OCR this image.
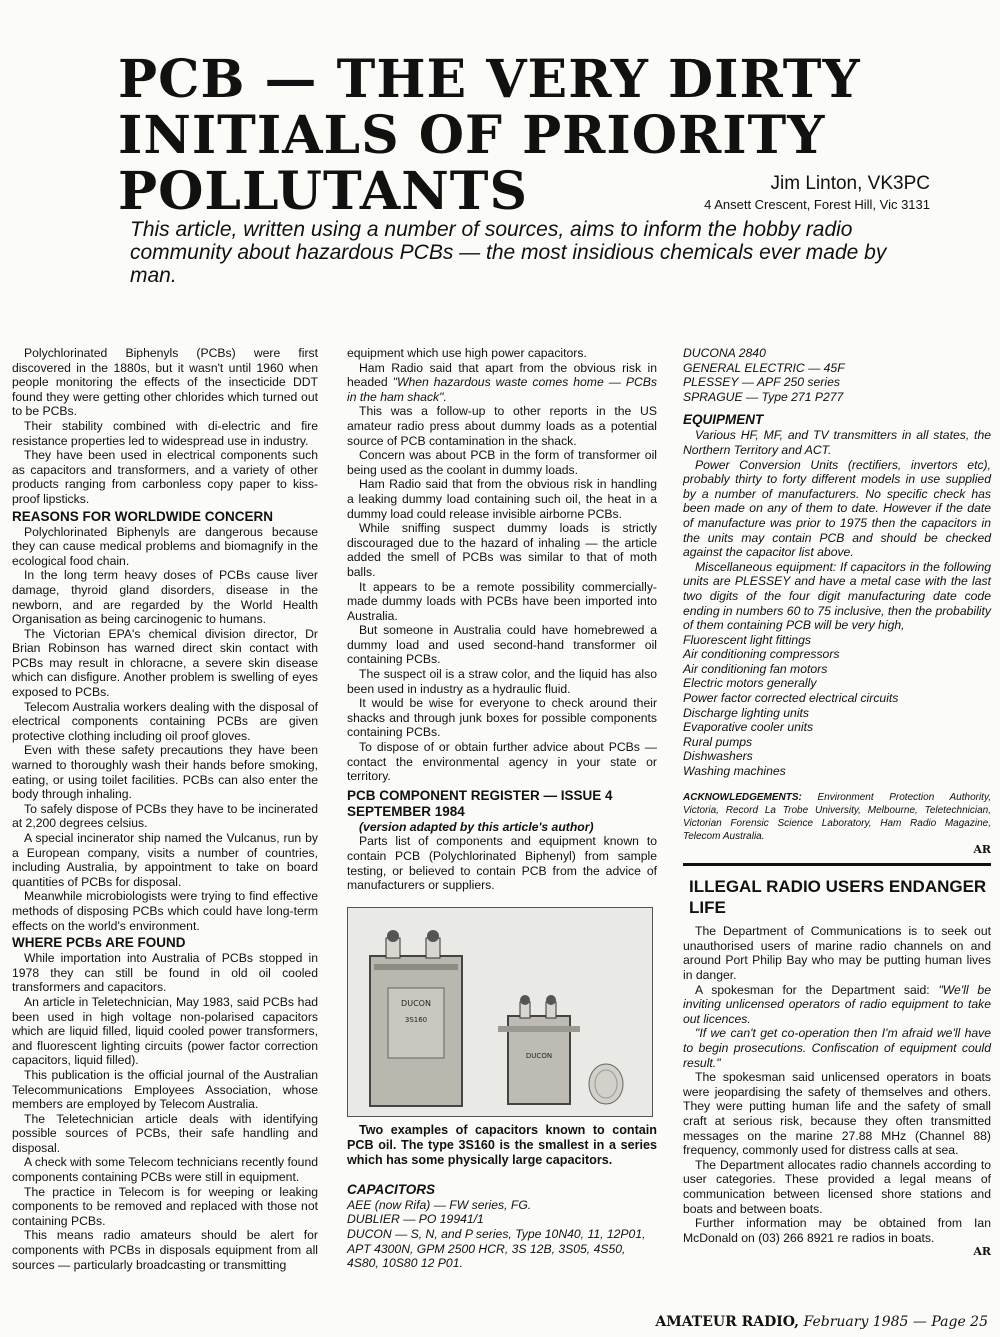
PCB — THE VERY DIRTY
INITIALS OF PRIORITY
POLLUTANTS	Jim Linton, VK3PC
4 Ansett Crescent, Forest Hill, Vic 3131

This article, written using a number of sources, aims to inform the hobby radio community about hazardous PCBs — the most insidious chemicals ever made by man.

Polychlorinated Biphenyls (PCBs) were first discovered in the 1880s, but it wasn't until 1960 when people monitoring the effects of the insecticide DDT found they were getting other chlorides which turned out to be PCBs.

Their stability combined with di-electric and fire resistance properties led to widespread use in industry.

They have been used in electrical components such as capacitors and transformers, and a variety of other products ranging from carbonless copy paper to kiss-proof lipsticks.

REASONS FOR WORLDWIDE CONCERN

Polychlorinated Biphenyls are dangerous because they can cause medical problems and biomagnify in the ecological food chain.

In the long term heavy doses of PCBs cause liver damage, thyroid gland disorders, disease in the newborn, and are regarded by the World Health Organisation as being carcinogenic to humans.

The Victorian EPA's chemical division director, Dr Brian Robinson has warned direct skin contact with PCBs may result in chloracne, a severe skin disease which can disfigure. Another problem is swelling of eyes exposed to PCBs.

Telecom Australia workers dealing with the disposal of electrical components containing PCBs are given protective clothing including oil proof gloves.

Even with these safety precautions they have been warned to thoroughly wash their hands before smoking, eating, or using toilet facilities. PCBs can also enter the body through inhaling.

To safely dispose of PCBs they have to be incinerated at 2,200 degrees celsius.

A special incinerator ship named the Vulcanus, run by a European company, visits a number of countries, including Australia, by appointment to take on board quantities of PCBs for disposal.

Meanwhile microbiologists were trying to find effective methods of disposing PCBs which could have long-term effects on the world's environment.

WHERE PCBs ARE FOUND

While importation into Australia of PCBs stopped in 1978 they can still be found in old oil cooled transformers and capacitors.

An article in Teletechnician, May 1983, said PCBs had been used in high voltage non-polarised capacitors which are liquid filled, liquid cooled power transformers, and fluorescent lighting circuits (power factor correction capacitors, liquid filled).

This publication is the official journal of the Australian Telecommunications Employees Association, whose members are employed by Telecom Australia.

The Teletechnician article deals with identifying possible sources of PCBs, their safe handling and disposal.

A check with some Telecom technicians recently found components containing PCBs were still in equipment.

The practice in Telecom is for weeping or leaking components to be removed and replaced with those not containing PCBs.

This means radio amateurs should be alert for components with PCBs in disposals equipment from all sources — particularly broadcasting or transmitting

equipment which use high power capacitors.

Ham Radio said that apart from the obvious risk in headed "When hazardous waste comes home — PCBs in the ham shack".

This was a follow-up to other reports in the US amateur radio press about dummy loads as a potential source of PCB contamination in the shack.

Concern was about PCB in the form of transformer oil being used as the coolant in dummy loads.

Ham Radio said that from the obvious risk in handling a leaking dummy load containing such oil, the heat in a dummy load could release invisible airborne PCBs.

While sniffing suspect dummy loads is strictly discouraged due to the hazard of inhaling — the article added the smell of PCBs was similar to that of moth balls.

It appears to be a remote possibility commercially-made dummy loads with PCBs have been imported into Australia.

But someone in Australia could have homebrewed a dummy load and used second-hand transformer oil containing PCBs.

The suspect oil is a straw color, and the liquid has also been used in industry as a hydraulic fluid.

It would be wise for everyone to check around their shacks and through junk boxes for possible components containing PCBs.

To dispose of or obtain further advice about PCBs — contact the environmental agency in your state or territory.

PCB COMPONENT REGISTER — ISSUE 4 SEPTEMBER 1984

(version adapted by this article's author)

Parts list of components and equipment known to contain PCB (Polychlorinated Biphenyl) from sample testing, or believed to contain PCB from the advice of manufacturers or suppliers.

DUCON
3S160
DUCON

Two examples of capacitors known to contain PCB oil. The type 3S160 is the smallest in a series which has some physically large capacitors.

CAPACITORS

AEE (now Rifa) — FW series, FG.

DUBLIER — PO 19941/1

DUCON — S, N, and P series, Type 10N40, 11, 12P01, APT 4300N, GPM 2500 HCR, 3S 12B, 3S05, 4S50, 4S80, 10S80 12 P01.

DUCONA 2840

GENERAL ELECTRIC — 45F

PLESSEY — APF 250 series

SPRAGUE — Type 271 P277

EQUIPMENT

Various HF, MF, and TV transmitters in all states, the Northern Territory and ACT.

Power Conversion Units (rectifiers, invertors etc), probably thirty to forty different models in use supplied by a number of manufacturers. No specific check has been made on any of them to date. However if the date of manufacture was prior to 1975 then the capacitors in the units may contain PCB and should be checked against the capacitor list above.

Miscellaneous equipment: If capacitors in the following units are PLESSEY and have a metal case with the last two digits of the four digit manufacturing date code ending in numbers 60 to 75 inclusive, then the probability of them containing PCB will be very high,

Fluorescent light fittings

Air conditioning compressors

Air conditioning fan motors

Electric motors generally

Power factor corrected electrical circuits

Discharge lighting units

Evaporative cooler units

Rural pumps

Dishwashers

Washing machines

ACKNOWLEDGEMENTS: Environment Protection Authority, Victoria, Record La Trobe University, Melbourne, Teletechnician, Victorian Forensic Science Laboratory, Ham Radio Magazine, Telecom Australia.

AR

ILLEGAL RADIO USERS ENDANGER LIFE

The Department of Communications is to seek out unauthorised users of marine radio channels on and around Port Philip Bay who may be putting human lives in danger.

A spokesman for the Department said: "We'll be inviting unlicensed operators of radio equipment to take out licences.

"If we can't get co-operation then I'm afraid we'll have to begin prosecutions. Confiscation of equipment could result."

The spokesman said unlicensed operators in boats were jeopardising the safety of themselves and others. They were putting human life and the safety of small craft at serious risk, because they often transmitted messages on the marine 27.88 MHz (Channel 88) frequency, commonly used for distress calls at sea.

The Department allocates radio channels according to user categories. These provided a legal means of communication between licensed shore stations and boats and between boats.

Further information may be obtained from Ian McDonald on (03) 266 8921 re radios in boats.

AR

AMATEUR RADIO, February 1985 — Page 25
